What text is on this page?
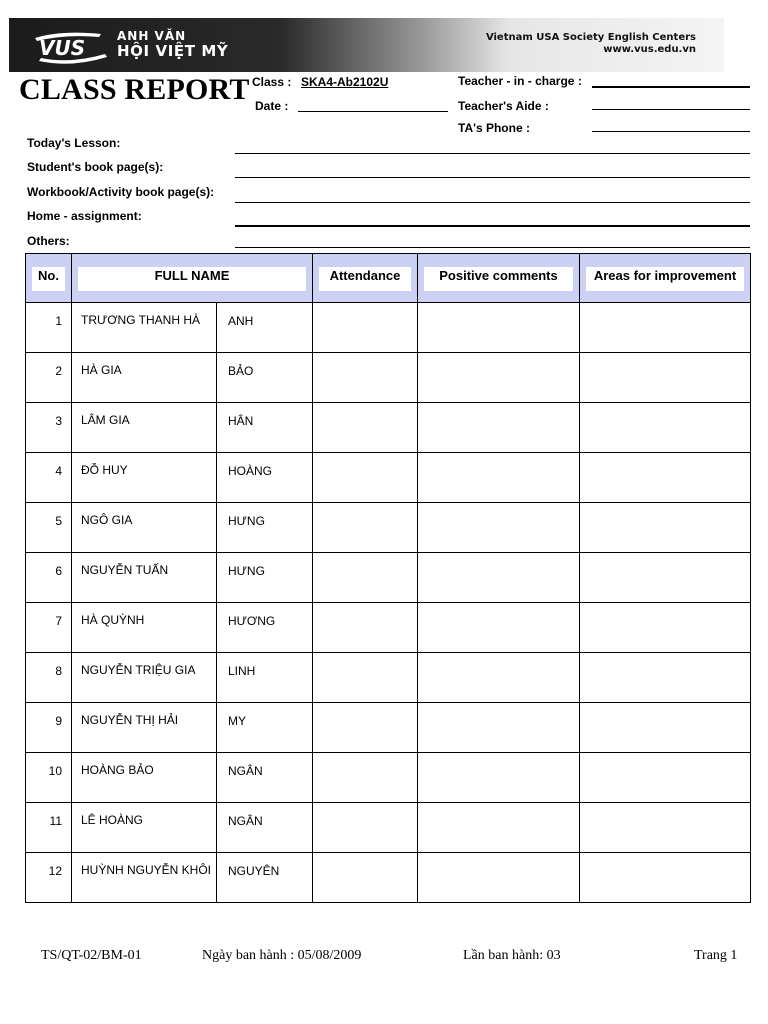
VUS	ANH VĂN
HỘI VIỆT MỸ
Vietnam USA Society English Centers
www.vus.edu.vn
CLASS REPORT Class : SKA4-Ab2102U
Date :
Teacher - in - charge :
Teacher's Aide :
TA's Phone :
Today's Lesson:
Student's book page(s):
Workbook/Activity book page(s):
Home - assignment:
Others:
No.	FULL NAME		Attendance	Positive comments	Areas for improvement

1	TRƯƠNG THANH HÀ	ANH			
2	HÀ GIA	BẢO			
3	LÂM GIA	HÂN			
4	ĐỖ HUY	HOÀNG			
5	NGÔ GIA	HƯNG			
6	NGUYỄN TUẤN	HƯNG			
7	HÀ QUỲNH	HƯƠNG			
8	NGUYỄN TRIỆU GIA	LINH			
9	NGUYỄN THỊ HẢI	MY			
10	HOÀNG BẢO	NGÂN			
11	LÊ HOÀNG	NGÂN			
12	HUỲNH NGUYỄN KHÔI	NGUYÊN			
TS/QT-02/BM-01	Ngày ban hành : 05/08/2009	Lần ban hành: 03	Trang 1
